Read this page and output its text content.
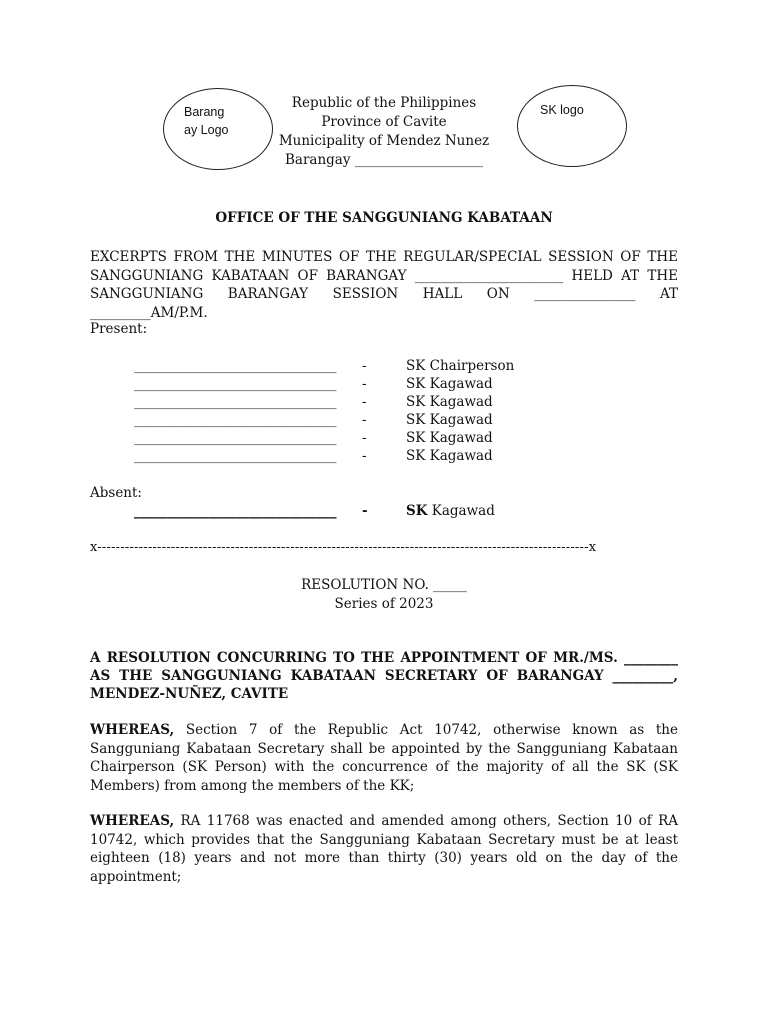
Barangay Logo
Republic of the Philippines
Province of Cavite
Municipality of Mendez Nunez
Barangay ___________________
SK logo
OFFICE OF THE SANGGUNIANG KABATAAN
EXCERPTS FROM THE MINUTES OF THE REGULAR/SPECIAL SESSION OF THE SANGGUNIANG KABATAAN OF BARANGAY ______________________ HELD AT THE SANGGUNIANG BARANGAY SESSION HALL ON _______________ AT _________AM/P.M.
Present:
______________________________ -	SK Chairperson
______________________________ -	SK Kagawad
______________________________ -	SK Kagawad
______________________________ -	SK Kagawad
______________________________ -	SK Kagawad
______________________________ -	SK Kagawad
Absent:
______________________________ -	SK Kagawad
x-----------------------------------------------------------------------------------------------------------x
RESOLUTION NO. _____
Series of 2023
A RESOLUTION CONCURRING TO THE APPOINTMENT OF MR./MS. ________ AS THE SANGGUNIANG KABATAAN SECRETARY OF BARANGAY _________, MENDEZ-NUÑEZ, CAVITE
WHEREAS, Section 7 of the Republic Act 10742, otherwise known as the Sangguniang Kabataan Secretary shall be appointed by the Sangguniang Kabataan Chairperson (SK Person) with the concurrence of the majority of all the SK (SK Members) from among the members of the KK;
WHEREAS, RA 11768 was enacted and amended among others, Section 10 of RA 10742, which provides that the Sangguniang Kabataan Secretary must be at least eighteen (18) years and not more than thirty (30) years old on the day of the appointment;
